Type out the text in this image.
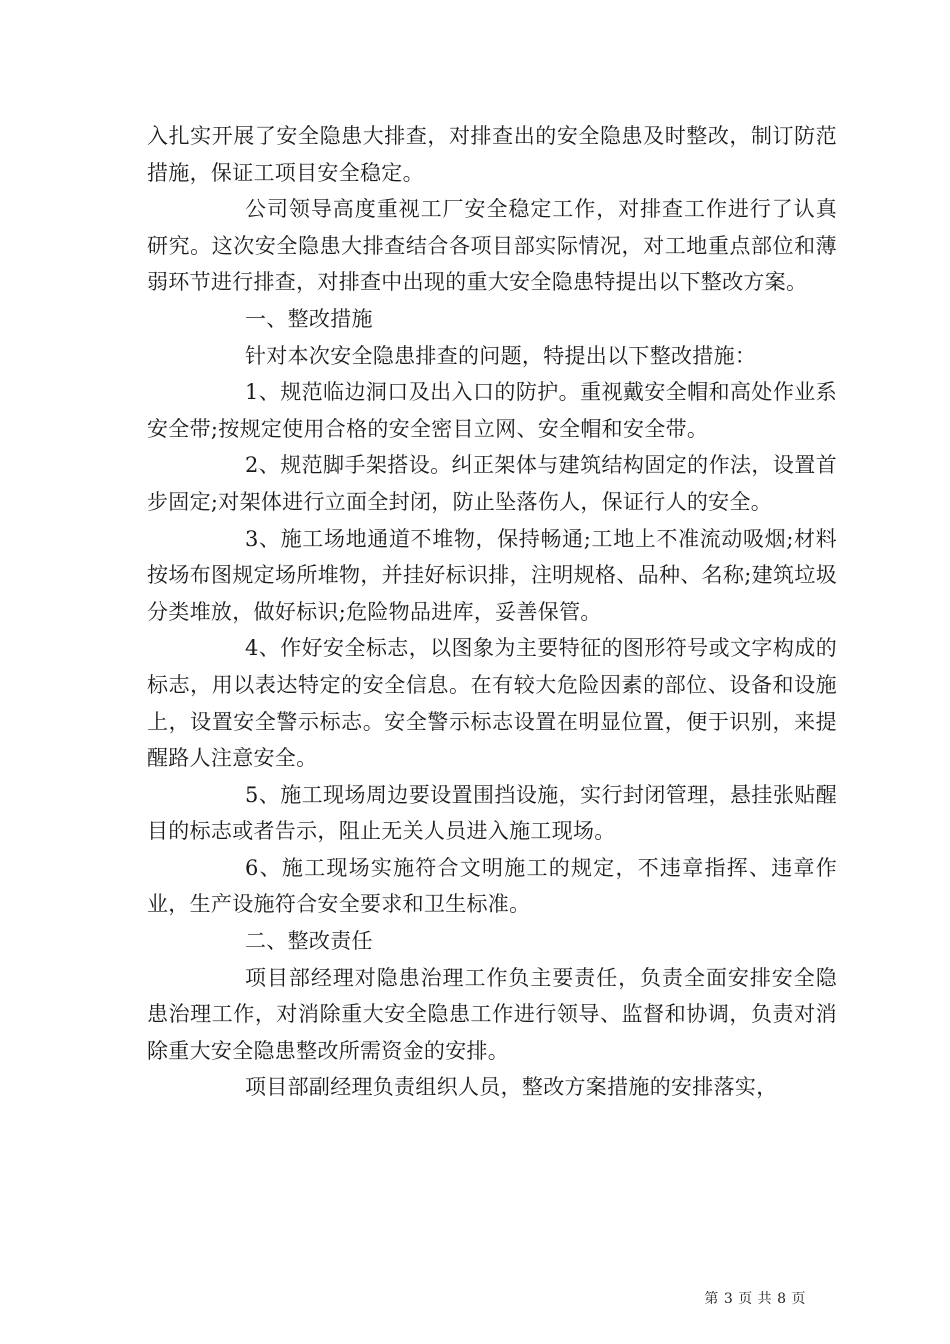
入扎实开展了安全隐患大排查，对排查出的安全隐患及时整改，制订防范措施，保证工项目安全稳定。

公司领导高度重视工厂安全稳定工作，对排查工作进行了认真研究。这次安全隐患大排查结合各项目部实际情况，对工地重点部位和薄弱环节进行排查，对排查中出现的重大安全隐患特提出以下整改方案。

一、整改措施

针对本次安全隐患排查的问题，特提出以下整改措施：

1、规范临边洞口及出入口的防护。重视戴安全帽和高处作业系安全带;按规定使用合格的安全密目立网、安全帽和安全带。

2、规范脚手架搭设。纠正架体与建筑结构固定的作法，设置首步固定;对架体进行立面全封闭，防止坠落伤人，保证行人的安全。

3、施工场地通道不堆物，保持畅通;工地上不准流动吸烟;材料按场布图规定场所堆物，并挂好标识排，注明规格、品种、名称;建筑垃圾分类堆放，做好标识;危险物品进库，妥善保管。

4、作好安全标志，以图象为主要特征的图形符号或文字构成的标志，用以表达特定的安全信息。在有较大危险因素的部位、设备和设施上，设置安全警示标志。安全警示标志设置在明显位置，便于识别，来提醒路人注意安全。

5、施工现场周边要设置围挡设施，实行封闭管理，悬挂张贴醒目的标志或者告示，阻止无关人员进入施工现场。

6、施工现场实施符合文明施工的规定，不违章指挥、违章作业，生产设施符合安全要求和卫生标准。

二、整改责任

项目部经理对隐患治理工作负主要责任，负责全面安排安全隐患治理工作，对消除重大安全隐患工作进行领导、监督和协调，负责对消除重大安全隐患整改所需资金的安排。

项目部副经理负责组织人员，整改方案措施的安排落实，

第 3 页 共 8 页
